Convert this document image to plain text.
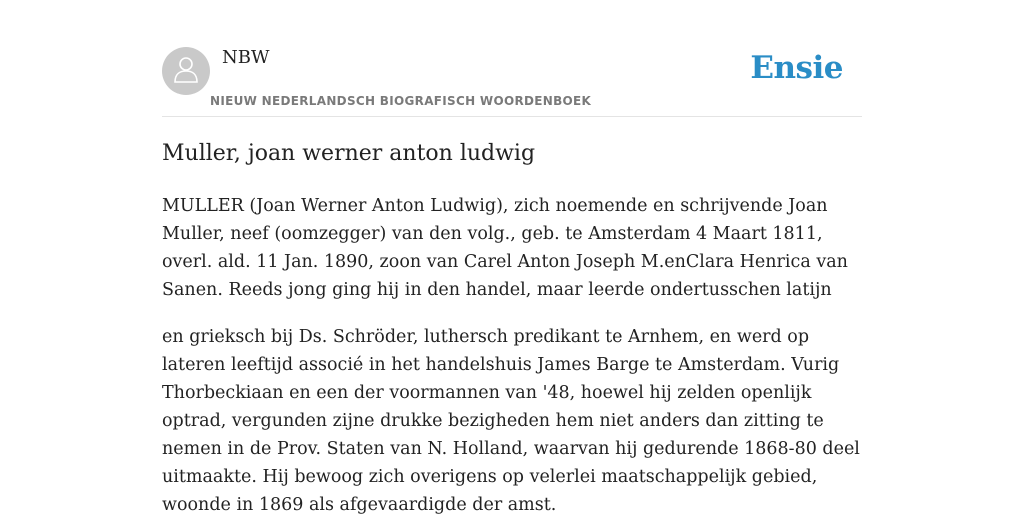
NBW
NIEUW NEDERLANDSCH BIOGRAFISCH WOORDENBOEK
Ensie
Muller, joan werner anton ludwig

MULLER (Joan Werner Anton Ludwig), zich noemende en schrijvende Joan Muller, neef (oomzegger) van den volg., geb. te Amsterdam 4 Maart 1811, overl. ald. 11 Jan. 1890, zoon van Carel Anton Joseph M.enClara Henrica van Sanen. Reeds jong ging hij in den handel, maar leerde ondertusschen latijn

en grieksch bij Ds. Schröder, luthersch predikant te Arnhem, en werd op lateren leeftijd associé in het handelshuis James Barge te Amsterdam. Vurig Thorbeckiaan en een der voormannen van '48, hoewel hij zelden openlijk optrad, vergunden zijne drukke bezigheden hem niet anders dan zitting te nemen in de Prov. Staten van N. Holland, waarvan hij gedurende 1868-80 deel uitmaakte. Hij bewoog zich overigens op velerlei maatschappelijk gebied, woonde in 1869 als afgevaardigde der amst.
